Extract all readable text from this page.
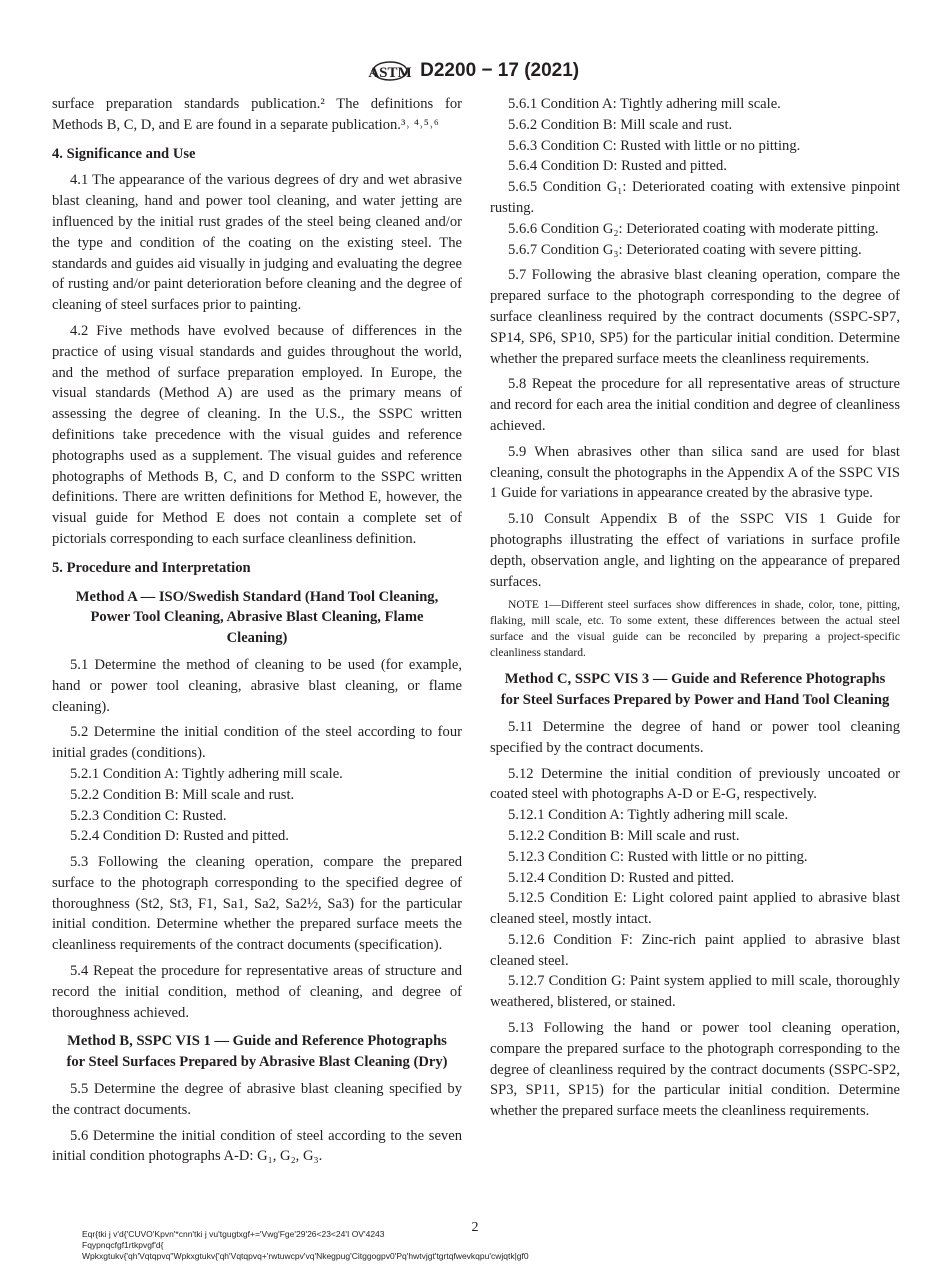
ASTM D2200 − 17 (2021)
surface preparation standards publication.² The definitions for Methods B, C, D, and E are found in a separate publication.³˒ ⁴˒⁵˒⁶
4. Significance and Use
4.1 The appearance of the various degrees of dry and wet abrasive blast cleaning, hand and power tool cleaning, and water jetting are influenced by the initial rust grades of the steel being cleaned and/or the type and condition of the coating on the existing steel. The standards and guides aid visually in judging and evaluating the degree of rusting and/or paint deterioration before cleaning and the degree of cleaning of steel surfaces prior to painting.
4.2 Five methods have evolved because of differences in the practice of using visual standards and guides throughout the world, and the method of surface preparation employed. In Europe, the visual standards (Method A) are used as the primary means of assessing the degree of cleaning. In the U.S., the SSPC written definitions take precedence with the visual guides and reference photographs used as a supplement. The visual guides and reference photographs of Methods B, C, and D conform to the SSPC written definitions. There are written definitions for Method E, however, the visual guide for Method E does not contain a complete set of pictorials corresponding to each surface cleanliness definition.
5. Procedure and Interpretation
Method A — ISO/Swedish Standard (Hand Tool Cleaning, Power Tool Cleaning, Abrasive Blast Cleaning, Flame Cleaning)
5.1 Determine the method of cleaning to be used (for example, hand or power tool cleaning, abrasive blast cleaning, or flame cleaning).
5.2 Determine the initial condition of the steel according to four initial grades (conditions).
5.2.1 Condition A: Tightly adhering mill scale.
5.2.2 Condition B: Mill scale and rust.
5.2.3 Condition C: Rusted.
5.2.4 Condition D: Rusted and pitted.
5.3 Following the cleaning operation, compare the prepared surface to the photograph corresponding to the specified degree of thoroughness (St2, St3, F1, Sa1, Sa2, Sa2½, Sa3) for the particular initial condition. Determine whether the prepared surface meets the cleanliness requirements of the contract documents (specification).
5.4 Repeat the procedure for representative areas of structure and record the initial condition, method of cleaning, and degree of thoroughness achieved.
Method B, SSPC VIS 1 — Guide and Reference Photographs for Steel Surfaces Prepared by Abrasive Blast Cleaning (Dry)
5.5 Determine the degree of abrasive blast cleaning specified by the contract documents.
5.6 Determine the initial condition of steel according to the seven initial condition photographs A-D: G₁, G₂, G₃.
5.6.1 Condition A: Tightly adhering mill scale.
5.6.2 Condition B: Mill scale and rust.
5.6.3 Condition C: Rusted with little or no pitting.
5.6.4 Condition D: Rusted and pitted.
5.6.5 Condition G₁: Deteriorated coating with extensive pinpoint rusting.
5.6.6 Condition G₂: Deteriorated coating with moderate pitting.
5.6.7 Condition G₃: Deteriorated coating with severe pitting.
5.7 Following the abrasive blast cleaning operation, compare the prepared surface to the photograph corresponding to the degree of surface cleanliness required by the contract documents (SSPC-SP7, SP14, SP6, SP10, SP5) for the particular initial condition. Determine whether the prepared surface meets the cleanliness requirements.
5.8 Repeat the procedure for all representative areas of structure and record for each area the initial condition and degree of cleanliness achieved.
5.9 When abrasives other than silica sand are used for blast cleaning, consult the photographs in the Appendix A of the SSPC VIS 1 Guide for variations in appearance created by the abrasive type.
5.10 Consult Appendix B of the SSPC VIS 1 Guide for photographs illustrating the effect of variations in surface profile depth, observation angle, and lighting on the appearance of prepared surfaces.
NOTE 1—Different steel surfaces show differences in shade, color, tone, pitting, flaking, mill scale, etc. To some extent, these differences between the actual steel surface and the visual guide can be reconciled by preparing a project-specific cleanliness standard.
Method C, SSPC VIS 3 — Guide and Reference Photographs for Steel Surfaces Prepared by Power and Hand Tool Cleaning
5.11 Determine the degree of hand or power tool cleaning specified by the contract documents.
5.12 Determine the initial condition of previously uncoated or coated steel with photographs A-D or E-G, respectively.
5.12.1 Condition A: Tightly adhering mill scale.
5.12.2 Condition B: Mill scale and rust.
5.12.3 Condition C: Rusted with little or no pitting.
5.12.4 Condition D: Rusted and pitted.
5.12.5 Condition E: Light colored paint applied to abrasive blast cleaned steel, mostly intact.
5.12.6 Condition F: Zinc-rich paint applied to abrasive blast cleaned steel.
5.12.7 Condition G: Paint system applied to mill scale, thoroughly weathered, blistered, or stained.
5.13 Following the hand or power tool cleaning operation, compare the prepared surface to the photograph corresponding to the degree of cleanliness required by the contract documents (SSPC-SP2, SP3, SP11, SP15) for the particular initial condition. Determine whether the prepared surface meets the cleanliness requirements.
2
Eqr{tki j v'd{'CUVO'Kpvn'*cnn'tki j vu'tgugtxgf+='Vwg'Fge'29'26<23<24'I OV'4243
Fqypnqcfgf1rtkpvgf'd{
Wpkxgtukv{'qh'Vqtqpvq''Wpkxgtukv{'qh'Vqtqpvq+'rwtuwcpv'vq'Nkegpug'Citggogpv0'Pq'hwtvjgt'tgrtqfwevkqpu'cwjqtk|gf0
